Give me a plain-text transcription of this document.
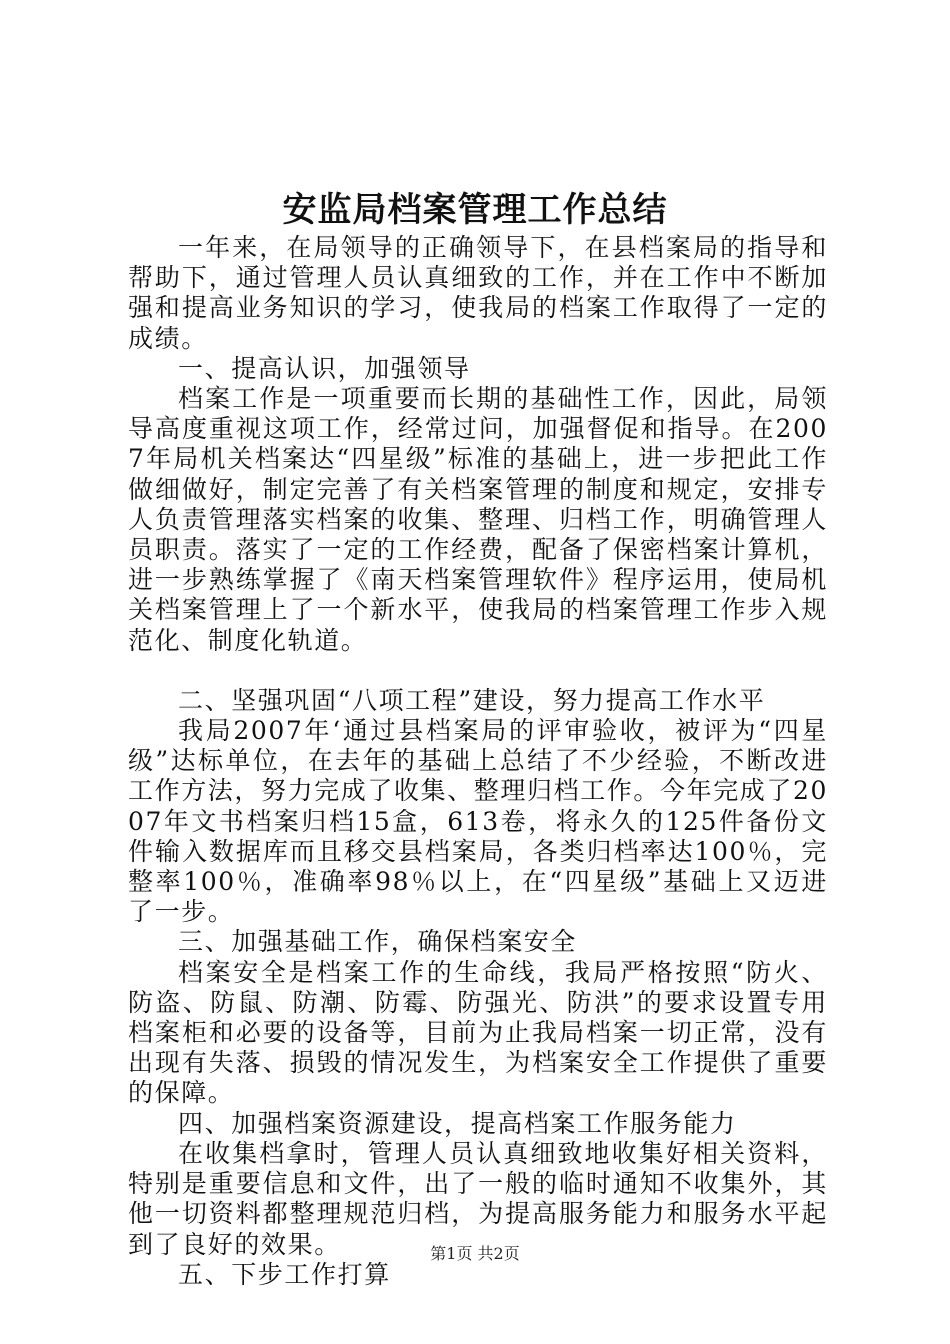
安监局档案管理工作总结

一年来，在局领导的正确领导下，在县档案局的指导和帮助下，通过管理人员认真细致的工作，并在工作中不断加强和提高业务知识的学习，使我局的档案工作取得了一定的成绩。

一、提高认识，加强领导

档案工作是一项重要而长期的基础性工作，因此，局领导高度重视这项工作，经常过问，加强督促和指导。在2007年局机关档案达“四星级”标准的基础上，进一步把此工作做细做好，制定完善了有关档案管理的制度和规定，安排专人负责管理落实档案的收集、整理、归档工作，明确管理人员职责。落实了一定的工作经费，配备了保密档案计算机，进一步熟练掌握了《南天档案管理软件》程序运用，使局机关档案管理上了一个新水平，使我局的档案管理工作步入规范化、制度化轨道。

二、坚强巩固“八项工程”建设，努力提高工作水平

我局2007年‘通过县档案局的评审验收，被评为“四星级”达标单位，在去年的基础上总结了不少经验，不断改进工作方法，努力完成了收集、整理归档工作。今年完成了2007年文书档案归档15盒，613卷，将永久的125件备份文件输入数据库而且移交县档案局，各类归档率达100％，完整率100％，准确率98％以上，在“四星级”基础上又迈进了一步。

三、加强基础工作，确保档案安全

档案安全是档案工作的生命线，我局严格按照“防火、防盗、防鼠、防潮、防霉、防强光、防洪”的要求设置专用档案柜和必要的设备等，目前为止我局档案一切正常，没有出现有失落、损毁的情况发生，为档案安全工作提供了重要的保障。

四、加强档案资源建设，提高档案工作服务能力

在收集档拿时，管理人员认真细致地收集好相关资料，特别是重要信息和文件，出了一般的临时通知不收集外，其他一切资料都整理规范归档，为提高服务能力和服务水平起到了良好的效果。

五、下步工作打算

第1页 共2页
